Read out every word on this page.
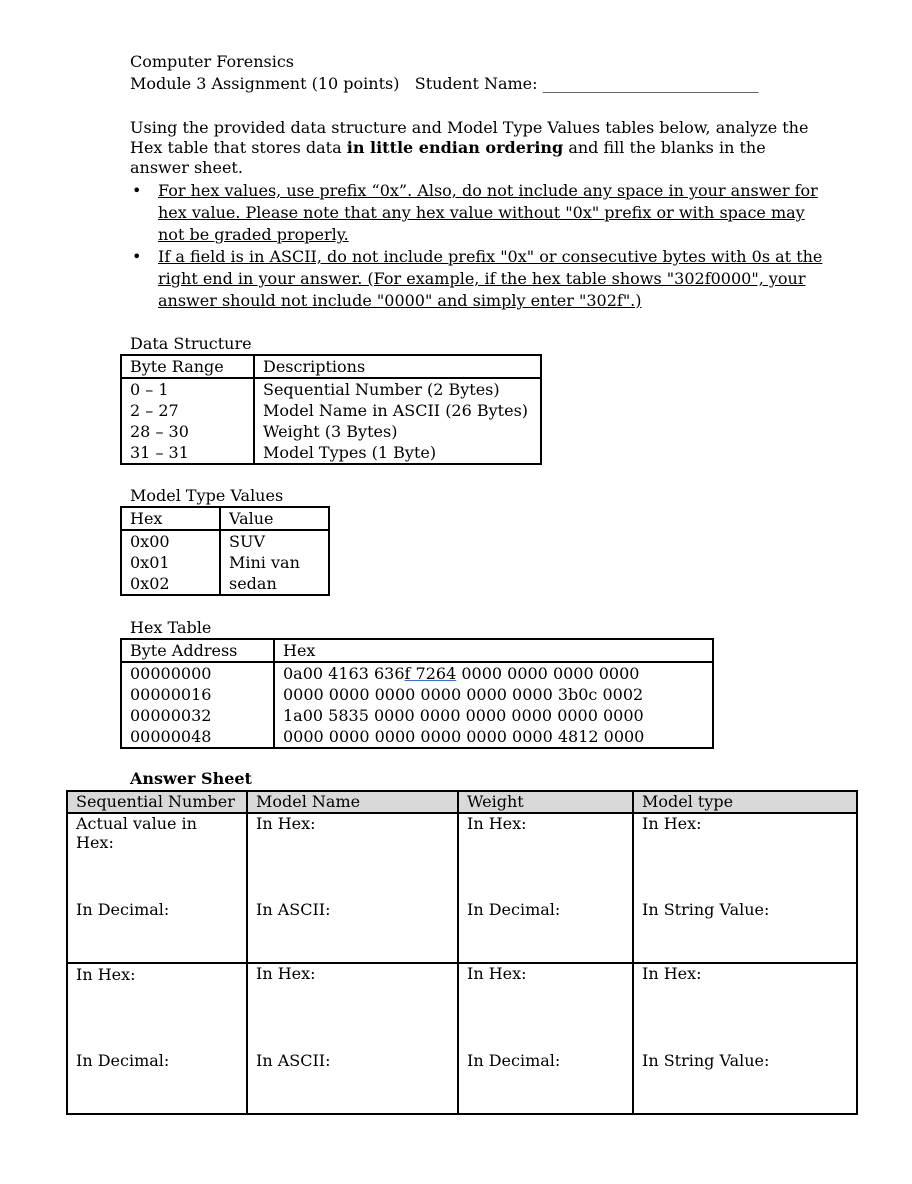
Computer Forensics
Module 3 Assignment (10 points) Student Name: ___________________________
Using the provided data structure and Model Type Values tables below, analyze the Hex table that stores data in little endian ordering and fill the blanks in the answer sheet.
• For hex values, use prefix “0x”. Also, do not include any space in your answer for hex value. Please note that any hex value without "0x" prefix or with space may not be graded properly.
• If a field is in ASCII, do not include prefix "0x" or consecutive bytes with 0s at the right end in your answer. (For example, if the hex table shows "302f0000", your answer should not include "0000" and simply enter "302f".)
Data Structure
Byte Range	Descriptions
0 – 1	Sequential Number (2 Bytes)
2 – 27	Model Name in ASCII (26 Bytes)
28 – 30	Weight (3 Bytes)
31 – 31	Model Types (1 Byte)
Model Type Values
Hex	Value
0x00	SUV
0x01	Mini van
0x02	sedan
Hex Table
Byte Address	Hex
00000000	0a00 4163 636f 7264 0000 0000 0000 0000
00000016	0000 0000 0000 0000 0000 0000 3b0c 0002
00000032	1a00 5835 0000 0000 0000 0000 0000 0000
00000048	0000 0000 0000 0000 0000 0000 4812 0000
Answer Sheet
Sequential Number	Model Name	Weight	Model type
Actual value in Hex:	In Hex:	In Hex:	In Hex:
In Decimal:	In ASCII:	In Decimal:	In String Value:
In Hex:	In Hex:	In Hex:	In Hex:
In Decimal:	In ASCII:	In Decimal:	In String Value:
